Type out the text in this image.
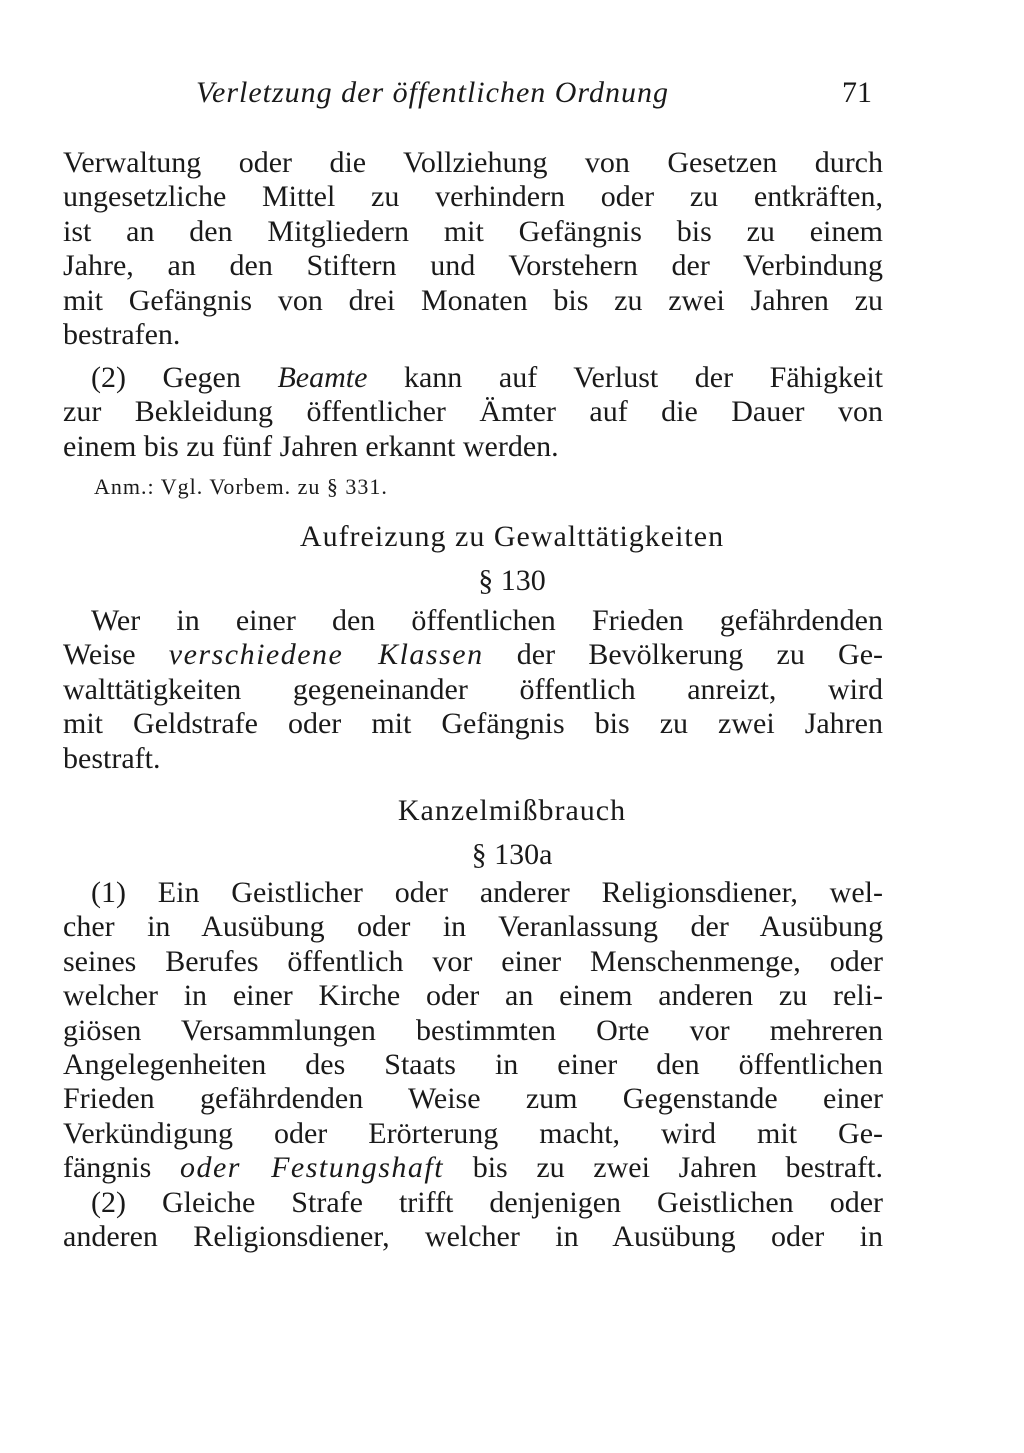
Verletzung der öffentlichen Ordnung	71
Verwaltung oder die Vollziehung von Gesetzen durch
ungesetzliche Mittel zu verhindern oder zu entkräften,
ist an den Mitgliedern mit Gefängnis bis zu einem
Jahre, an den Stiftern und Vorstehern der Verbindung
mit Gefängnis von drei Monaten bis zu zwei Jahren zu
bestrafen.
(2) Gegen Beamte kann auf Verlust der Fähigkeit
zur Bekleidung öffentlicher Ämter auf die Dauer von
einem bis zu fünf Jahren erkannt werden.
Anm.: Vgl. Vorbem. zu § 331.
Aufreizung zu Gewalttätigkeiten
§ 130
Wer in einer den öffentlichen Frieden gefährdenden
Weise verschiedene Klassen der Bevölkerung zu Ge-
walttätigkeiten gegeneinander öffentlich anreizt, wird
mit Geldstrafe oder mit Gefängnis bis zu zwei Jahren
bestraft.
Kanzelmißbrauch
§ 130a
(1) Ein Geistlicher oder anderer Religionsdiener, wel-
cher in Ausübung oder in Veranlassung der Ausübung
seines Berufes öffentlich vor einer Menschenmenge, oder
welcher in einer Kirche oder an einem anderen zu reli-
giösen Versammlungen bestimmten Orte vor mehreren
Angelegenheiten des Staats in einer den öffentlichen
Frieden gefährdenden Weise zum Gegenstande einer
Verkündigung oder Erörterung macht, wird mit Ge-
fängnis oder Festungshaft bis zu zwei Jahren bestraft.
(2) Gleiche Strafe trifft denjenigen Geistlichen oder
anderen Religionsdiener, welcher in Ausübung oder in
